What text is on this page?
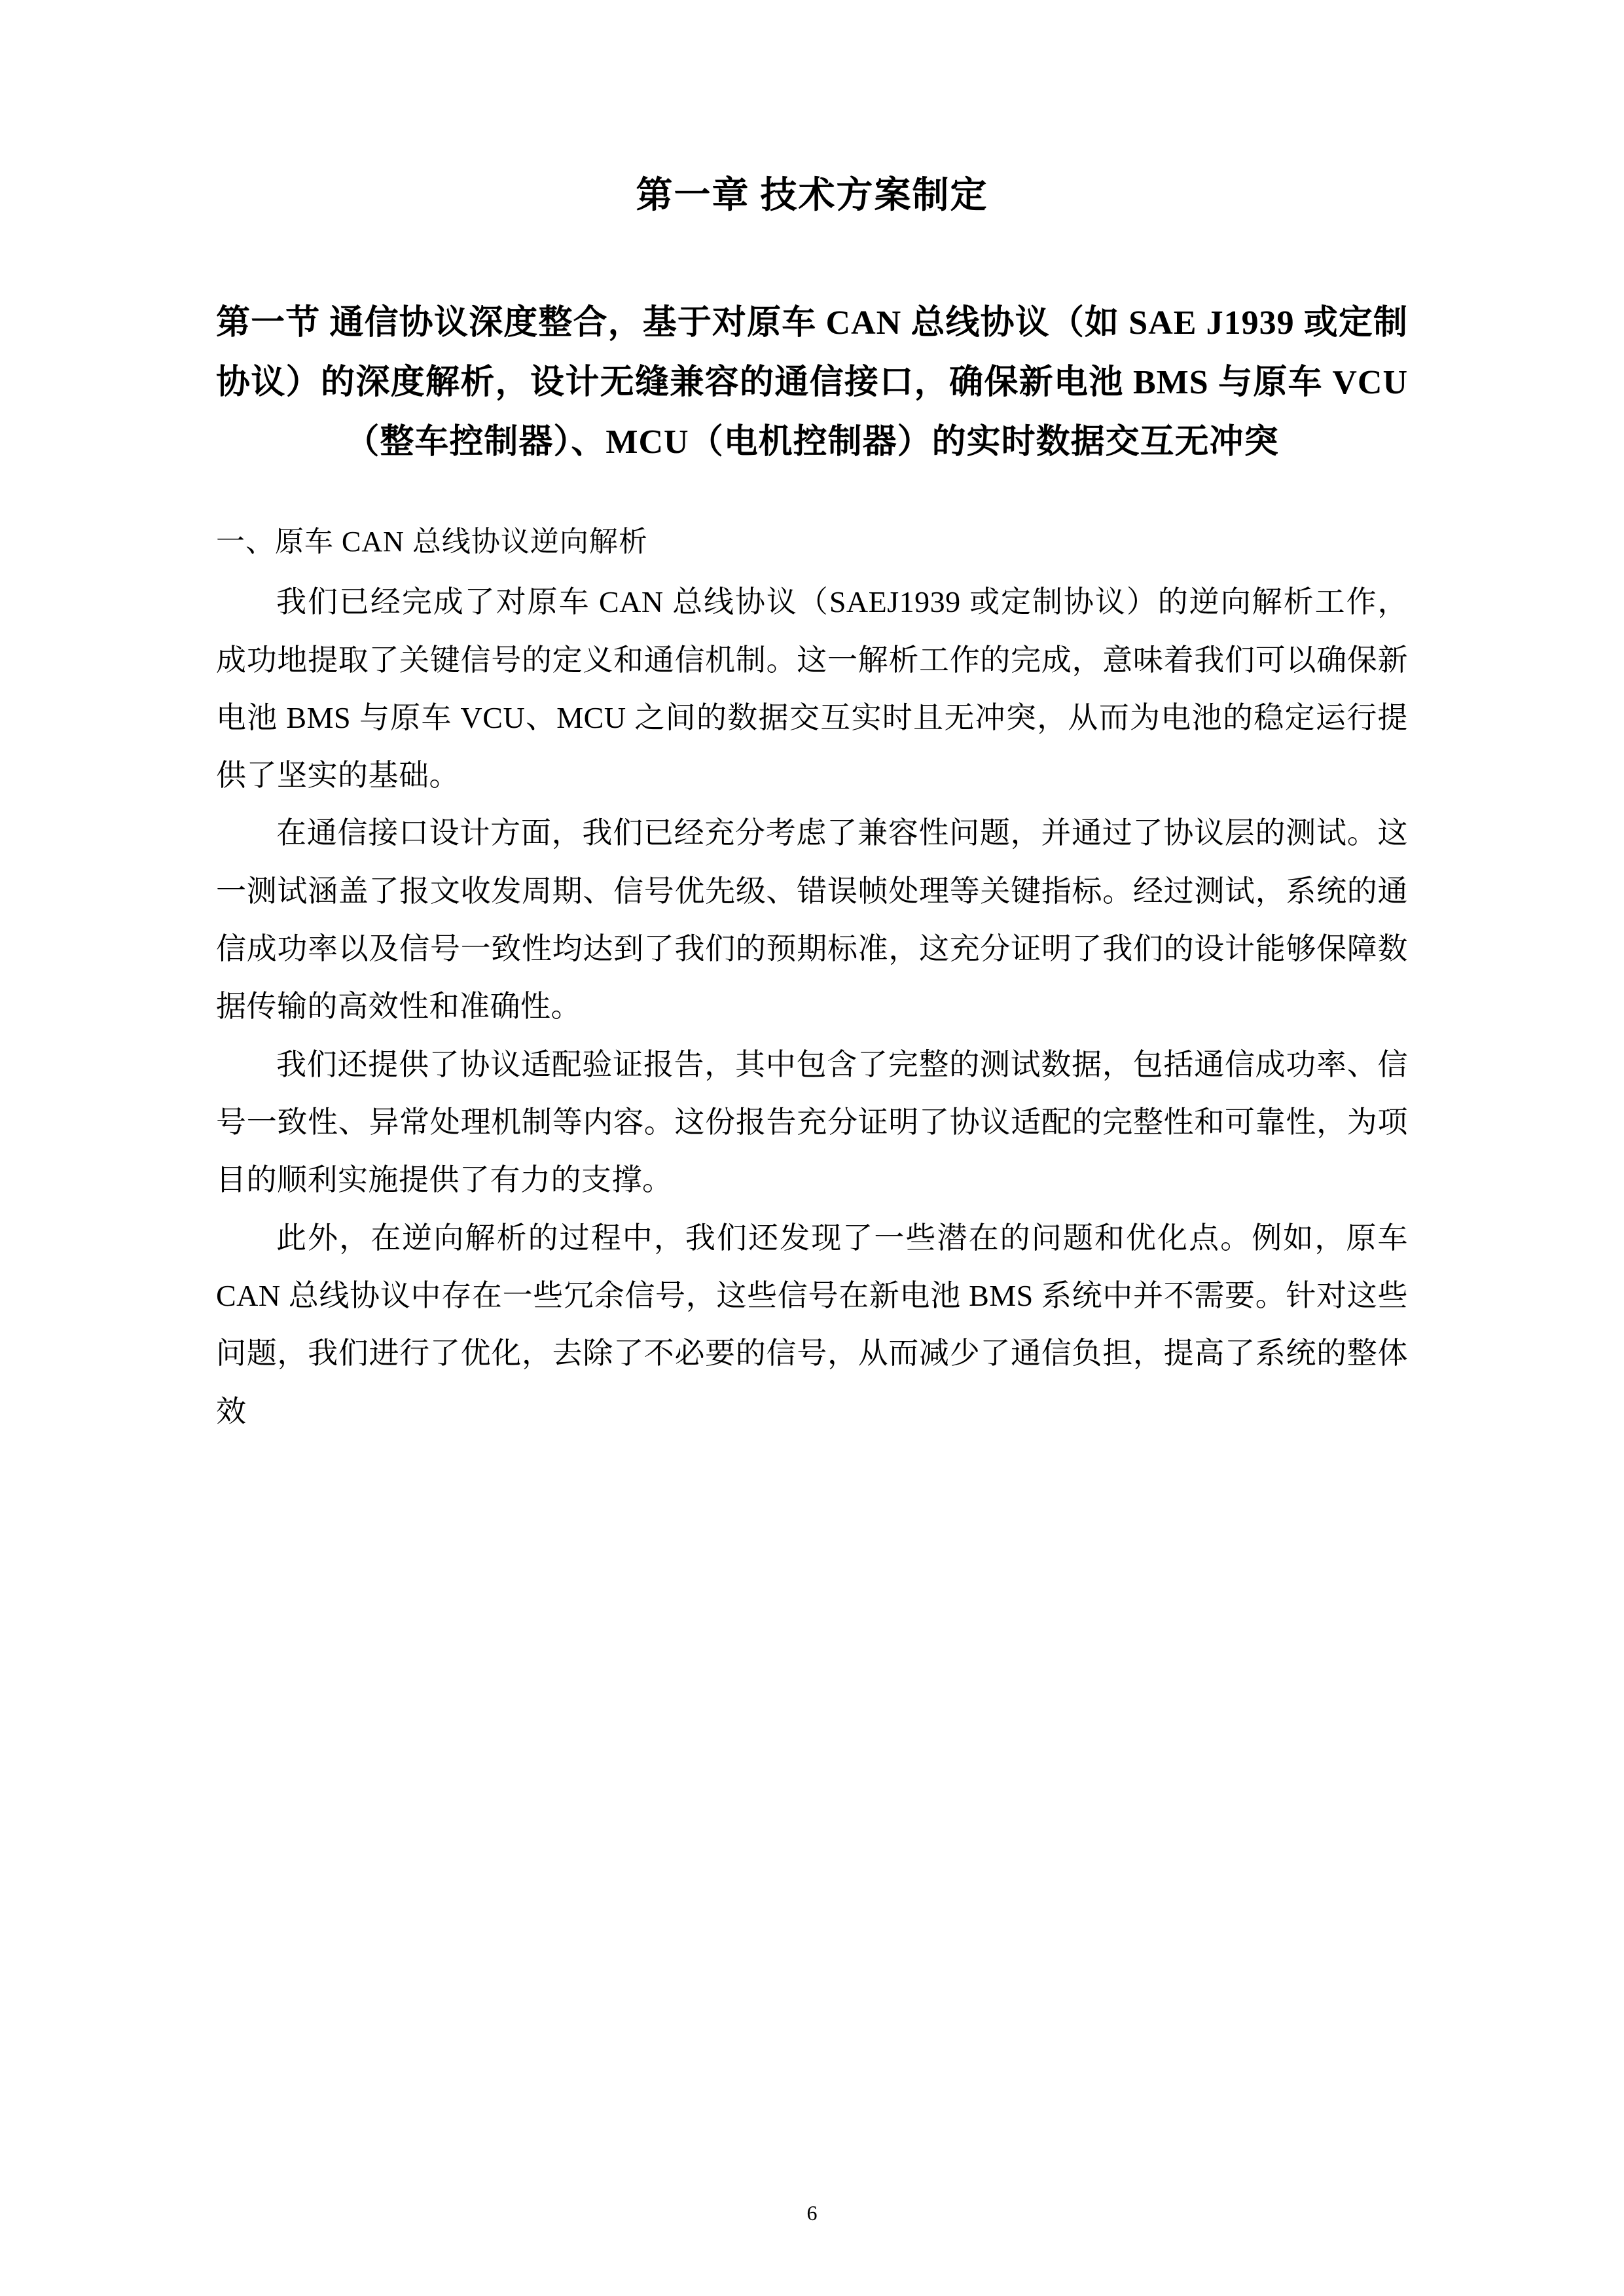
第一章 技术方案制定
第一节 通信协议深度整合，基于对原车 CAN 总线协议（如 SAE J1939 或定制协议）的深度解析，设计无缝兼容的通信接口，确保新电池 BMS 与原车 VCU（整车控制器）、MCU（电机控制器）的实时数据交互无冲突
一、原车 CAN 总线协议逆向解析

我们已经完成了对原车 CAN 总线协议（SAEJ1939 或定制协议）的逆向解析工作，成功地提取了关键信号的定义和通信机制。这一解析工作的完成，意味着我们可以确保新电池 BMS 与原车 VCU、MCU 之间的数据交互实时且无冲突，从而为电池的稳定运行提供了坚实的基础。

在通信接口设计方面，我们已经充分考虑了兼容性问题，并通过了协议层的测试。这一测试涵盖了报文收发周期、信号优先级、错误帧处理等关键指标。经过测试，系统的通信成功率以及信号一致性均达到了我们的预期标准，这充分证明了我们的设计能够保障数据传输的高效性和准确性。

我们还提供了协议适配验证报告，其中包含了完整的测试数据，包括通信成功率、信号一致性、异常处理机制等内容。这份报告充分证明了协议适配的完整性和可靠性，为项目的顺利实施提供了有力的支撑。

此外，在逆向解析的过程中，我们还发现了一些潜在的问题和优化点。例如，原车 CAN 总线协议中存在一些冗余信号，这些信号在新电池 BMS 系统中并不需要。针对这些问题，我们进行了优化，去除了不必要的信号，从而减少了通信负担，提高了系统的整体效

6
